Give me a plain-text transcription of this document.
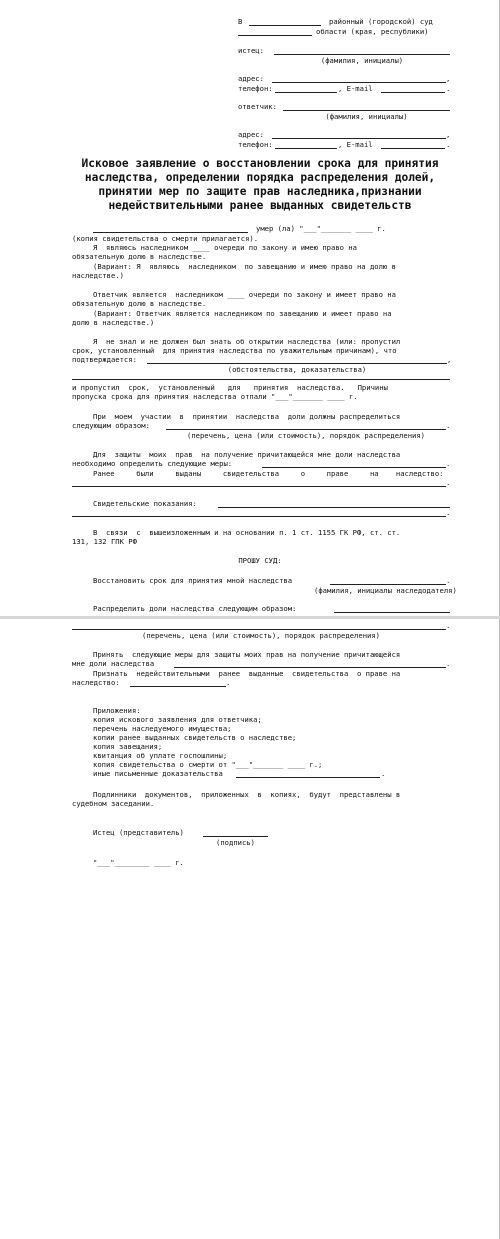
В	районный (городской) суд
области (края, республики)
истец:
(фамилия, инициалы)
адрес:	,
телефон:	, E-mail	.
ответчик:
(фамилия, инициалы)
адрес:	,
телефон:	, E-mail	.
Исковое заявление о восстановлении срока для принятия
наследства, определении порядка распределения долей,
принятии мер по защите прав наследника,признании
недействительными ранее выданных свидетельств
умер (ла) "___"_______ ____ г.
(копия свидетельства о смерти прилагается).
Я  являюсь наследником ____ очереди по закону и имею право на
обязательную долю в наследстве.
(Вариант: Я  являюсь  наследником  по завещанию и имею право на долю в
наследстве.)
Ответчик является  наследником ____ очереди по закону и имеет право на
обязательную долю в наследстве.
(Вариант: Ответчик является наследником по завещанию и имеет право на
долю в наследстве.)
Я  не знал и не должен был знать об открытии наследства (или: пропустил
срок, установленный  для принятия наследства по уважительным причинам), что
подтверждается:	,
(обстоятельства, доказательства)
и пропустил  срок,  установленный   для   принятия  наследства.   Причины
пропуска срока для принятия наследства отпали "___"_______ ____ г.
При  моем  участии  в  принятии  наследства  доли должны распределиться
следующим образом:	.
(перечень, цена (или стоимость), порядок распределения)
Для  защиты  моих  прав  на получение причитающейся мне доли наследства
необходимо определить следующие меры:	.
Ранее     были     выданы     свидетельства     о     праве     на    наследство:
.
Свидетельские показания:
.
В  связи  с  вышеизложенным и на основании п. 1 ст. 1155 ГК РФ, ст. ст.
131, 132 ГПК РФ
ПРОШУ СУД:
Восстановить срок для принятия мной наследства	.
(фамилия, инициалы наследодателя)
Распределить доли наследства следующим образом:
.
(перечень, цена (или стоимость), порядок распределения)
Принять  следующие меры для защиты моих прав на получение причитающейся
мне доли наследства	.
Признать  недействительными  ранее  выданные  свидетельства  о праве на
наследство:	.
Приложения:
копия искового заявления для ответчика;
перечень наследуемого имущества;
копии ранее выданных свидетельств о наследстве;
копия завещания;
квитанция об уплате госпошлины;
копия свидетельства о смерти от "___"_______ ____ г.;
иные письменные доказательства	.
Подлинники  документов,  приложенных  в  копиях,  будут  представлены в
судебном заседании.
Истец (представитель)
(подпись)
"___"________ ____ г.
